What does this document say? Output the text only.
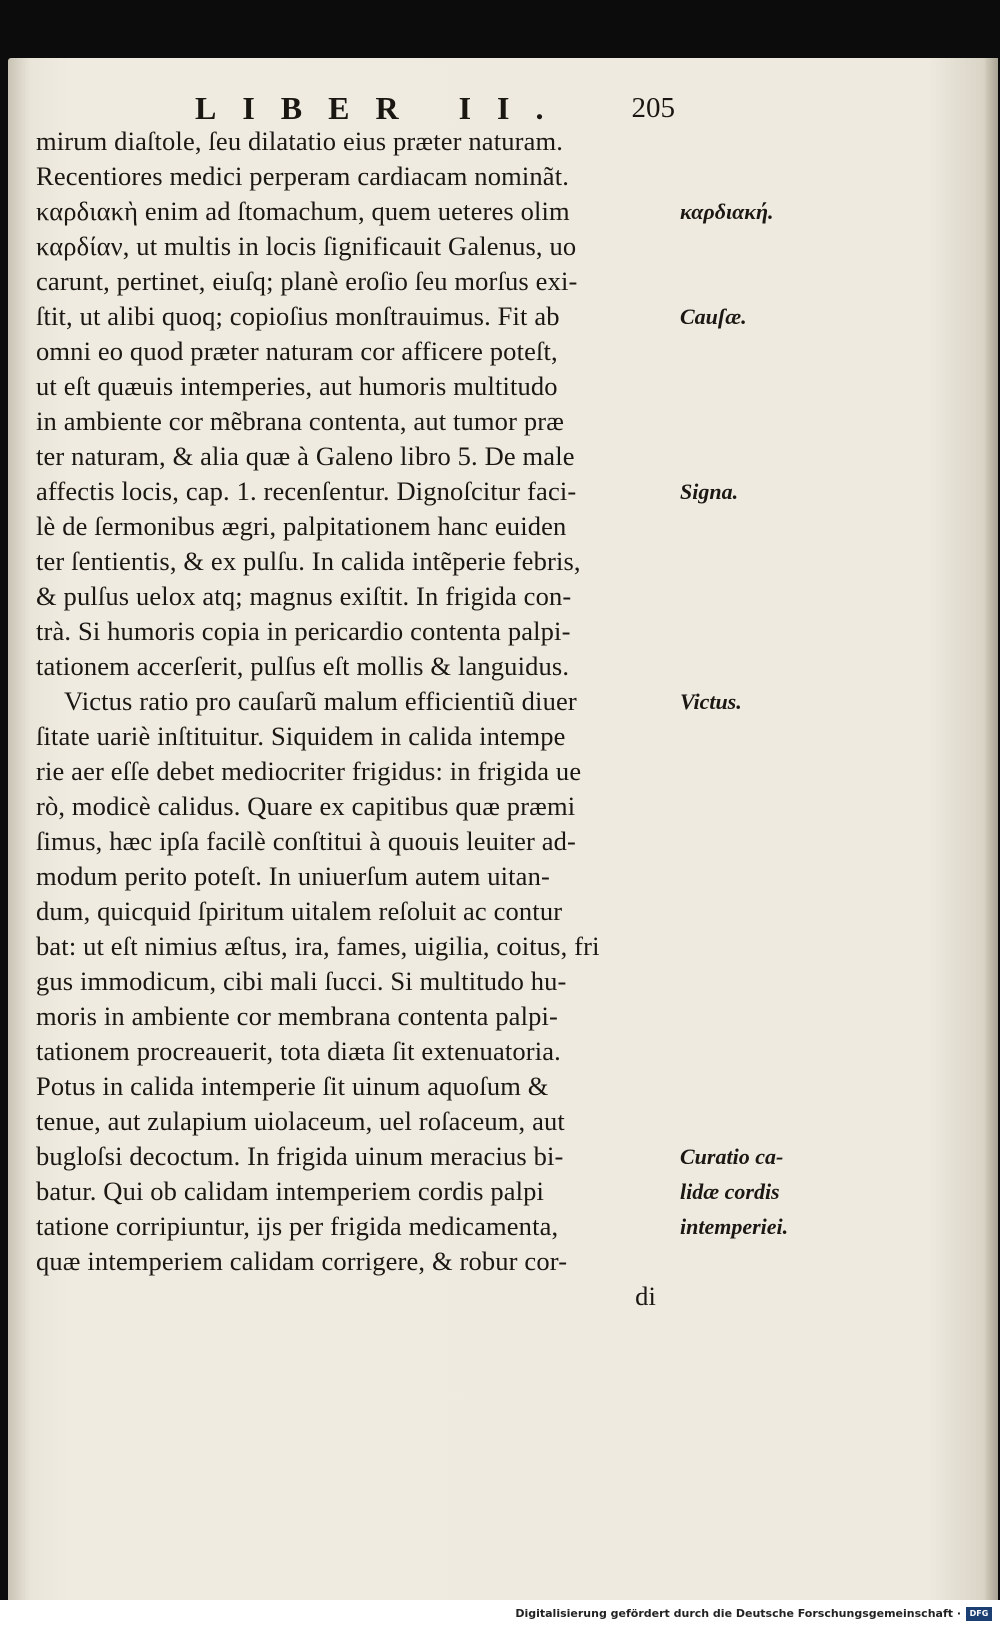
LIBER II. 205
mirum diaſtole, ſeu dilatatio eius præter naturam.
Recentiores medici perperam cardiacam nominãt.
καρδιακὴ enim ad ſtomachum, quem ueteres olim
καρδίαν, ut multis in locis ſignificauit Galenus, uo
carunt, pertinet, eiuſq; planè eroſio ſeu morſus exi-
ſtit, ut alibi quoq; copioſius monſtrauimus. Fit ab
omni eo quod præter naturam cor afficere poteſt,
ut eſt quæuis intemperies, aut humoris multitudo
in ambiente cor mẽbrana contenta, aut tumor præ
ter naturam, & alia quæ à Galeno libro 5. De male
affectis locis, cap. 1. recenſentur. Dignoſcitur faci-
lè de ſermonibus ægri, palpitationem hanc euiden
ter ſentientis, & ex pulſu. In calida intẽperie febris,
& pulſus uelox atq; magnus exiſtit. In frigida con-
trà. Si humoris copia in pericardio contenta palpi-
tationem accerſerit, pulſus eſt mollis & languidus.
Victus ratio pro cauſarũ malum efficientiũ diuer
ſitate uariè inſtituitur. Siquidem in calida intempe
rie aer eſſe debet mediocriter frigidus: in frigida ue
rò, modicè calidus. Quare ex capitibus quæ præmi
ſimus, hæc ipſa facilè conſtitui à quouis leuiter ad-
modum perito poteſt. In uniuerſum autem uitan-
dum, quicquid ſpiritum uitalem reſoluit ac contur
bat: ut eſt nimius æſtus, ira, fames, uigilia, coitus, fri
gus immodicum, cibi mali ſucci. Si multitudo hu-
moris in ambiente cor membrana contenta palpi-
tationem procreauerit, tota diæta ſit extenuatoria.
Potus in calida intemperie ſit uinum aquoſum &
tenue, aut zulapium uiolaceum, uel roſaceum, aut
bugloſsi decoctum. In frigida uinum meracius bi-
batur. Qui ob calidam intemperiem cordis palpi
tatione corripiuntur, ijs per frigida medicamenta,
quæ intemperiem calidam corrigere, & robur cor-
di
καρδιακή.
Cauſæ.
Signa.
Victus.
Curatio ca-
lidæ cordis
intemperiei.
Digitalisierung gefördert durch die Deutsche Forschungsgemeinschaft ·	DFG
